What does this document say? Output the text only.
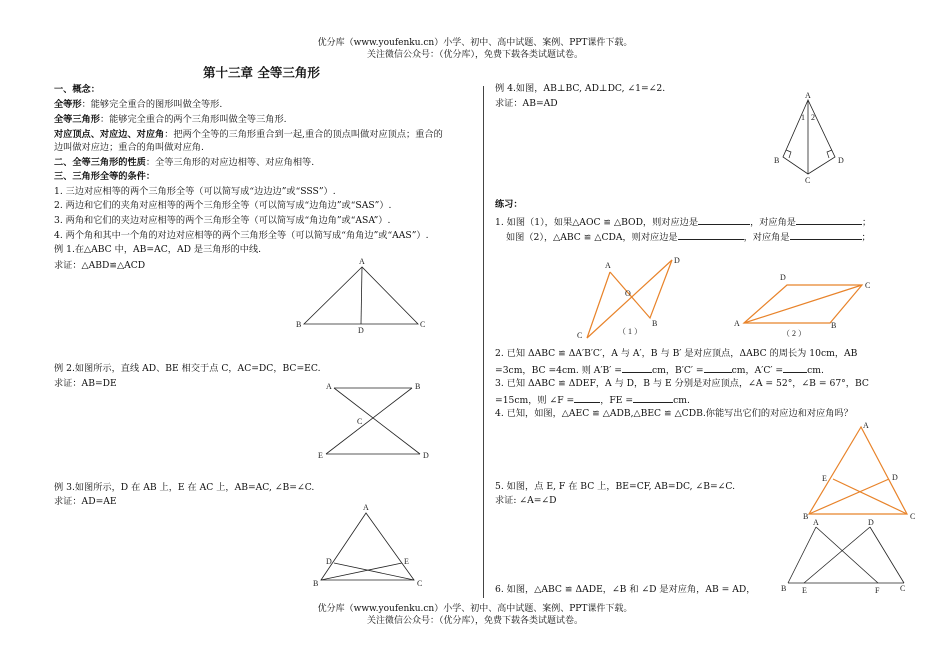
优分库（www.youfenku.cn）小学、初中、高中试题、案例、PPT课件下载。
关注微信公众号：（优分库），免费下载各类试题试卷。
第十三章 全等三角形
一、概念：
全等形：能够完全重合的图形叫做全等形.
全等三角形：能够完全重合的两个三角形叫做全等三角形.
对应顶点、对应边、对应角：把两个全等的三角形重合到一起,重合的顶点叫做对应顶点；重合的
边叫做对应边；重合的角叫做对应角.
二、全等三角形的性质：全等三角形的对应边相等、对应角相等.
三、三角形全等的条件：
1. 三边对应相等的两个三角形全等（可以简写成“边边边”或“SSS”）.
2. 两边和它们的夹角对应相等的两个三角形全等（可以简写成“边角边”或“SAS”）.
3. 两角和它们的夹边对应相等的两个三角形全等（可以简写成“角边角”或“ASA”）.
4. 两个角和其中一个角的对边对应相等的两个三角形全等（可以简写成“角角边”或“AAS”）.
例 1.在△ABC 中，AB=AC，AD 是三角形的中线.
求证：△ABD≌△ACD	A
B
D
C
例 2.如图所示，直线 AD、BE 相交于点 C，AC=DC，BC=EC.
求证：AB=DE	A	B
C
D
E
例 3.如图所示，D 在 AB 上，E 在 AC 上，AB=AC, ∠B=∠C.
求证：AD=AE
A
D	E
B	C
例 4.如图，AB⊥BC, AD⊥DC, ∠1=∠2.
求证：AB=AD
A
1 2
B	D
C
练习：
1. 如图（1），如果△AOC ≌ △BOD，则对应边是	，对应角是	；
如图（2），△ABC ≌ △CDA，则对应边是	，对应角是	；
A
D
O
C
B
（ 1 ）
D
C
A	B
（ 2 ）
2. 已知 ΔABC ≌ ΔA′B′C′，A 与 A′，B 与 B′ 是对应顶点，ΔABC 的周长为 10cm，AB
=3cm，BC =4cm. 则 A′B′ =	cm，B′C′ =	cm，A′C′ =	cm.
3. 已知 ΔABC ≌ ΔDEF，A 与 D，B 与 E 分别是对应顶点，∠A = 52°，∠B = 67°，BC
=15cm，则 ∠F =	，FE =	cm.
4. 已知，如图，△AEC ≌ △ADB,△BEC ≌ △CDB.你能写出它们的对应边和对应角吗？
A
E	D
B	C
5. 如图，点 E, F 在 BC 上，BE=CF, AB=DC, ∠B=∠C.
求证: ∠A=∠D
A	D
B E	F	C
6. 如图，△ABC ≌ ΔADE，∠B 和 ∠D 是对应角，AB = AD，
优分库（www.youfenku.cn）小学、初中、高中试题、案例、PPT课件下载。
关注微信公众号：（优分库），免费下载各类试题试卷。
